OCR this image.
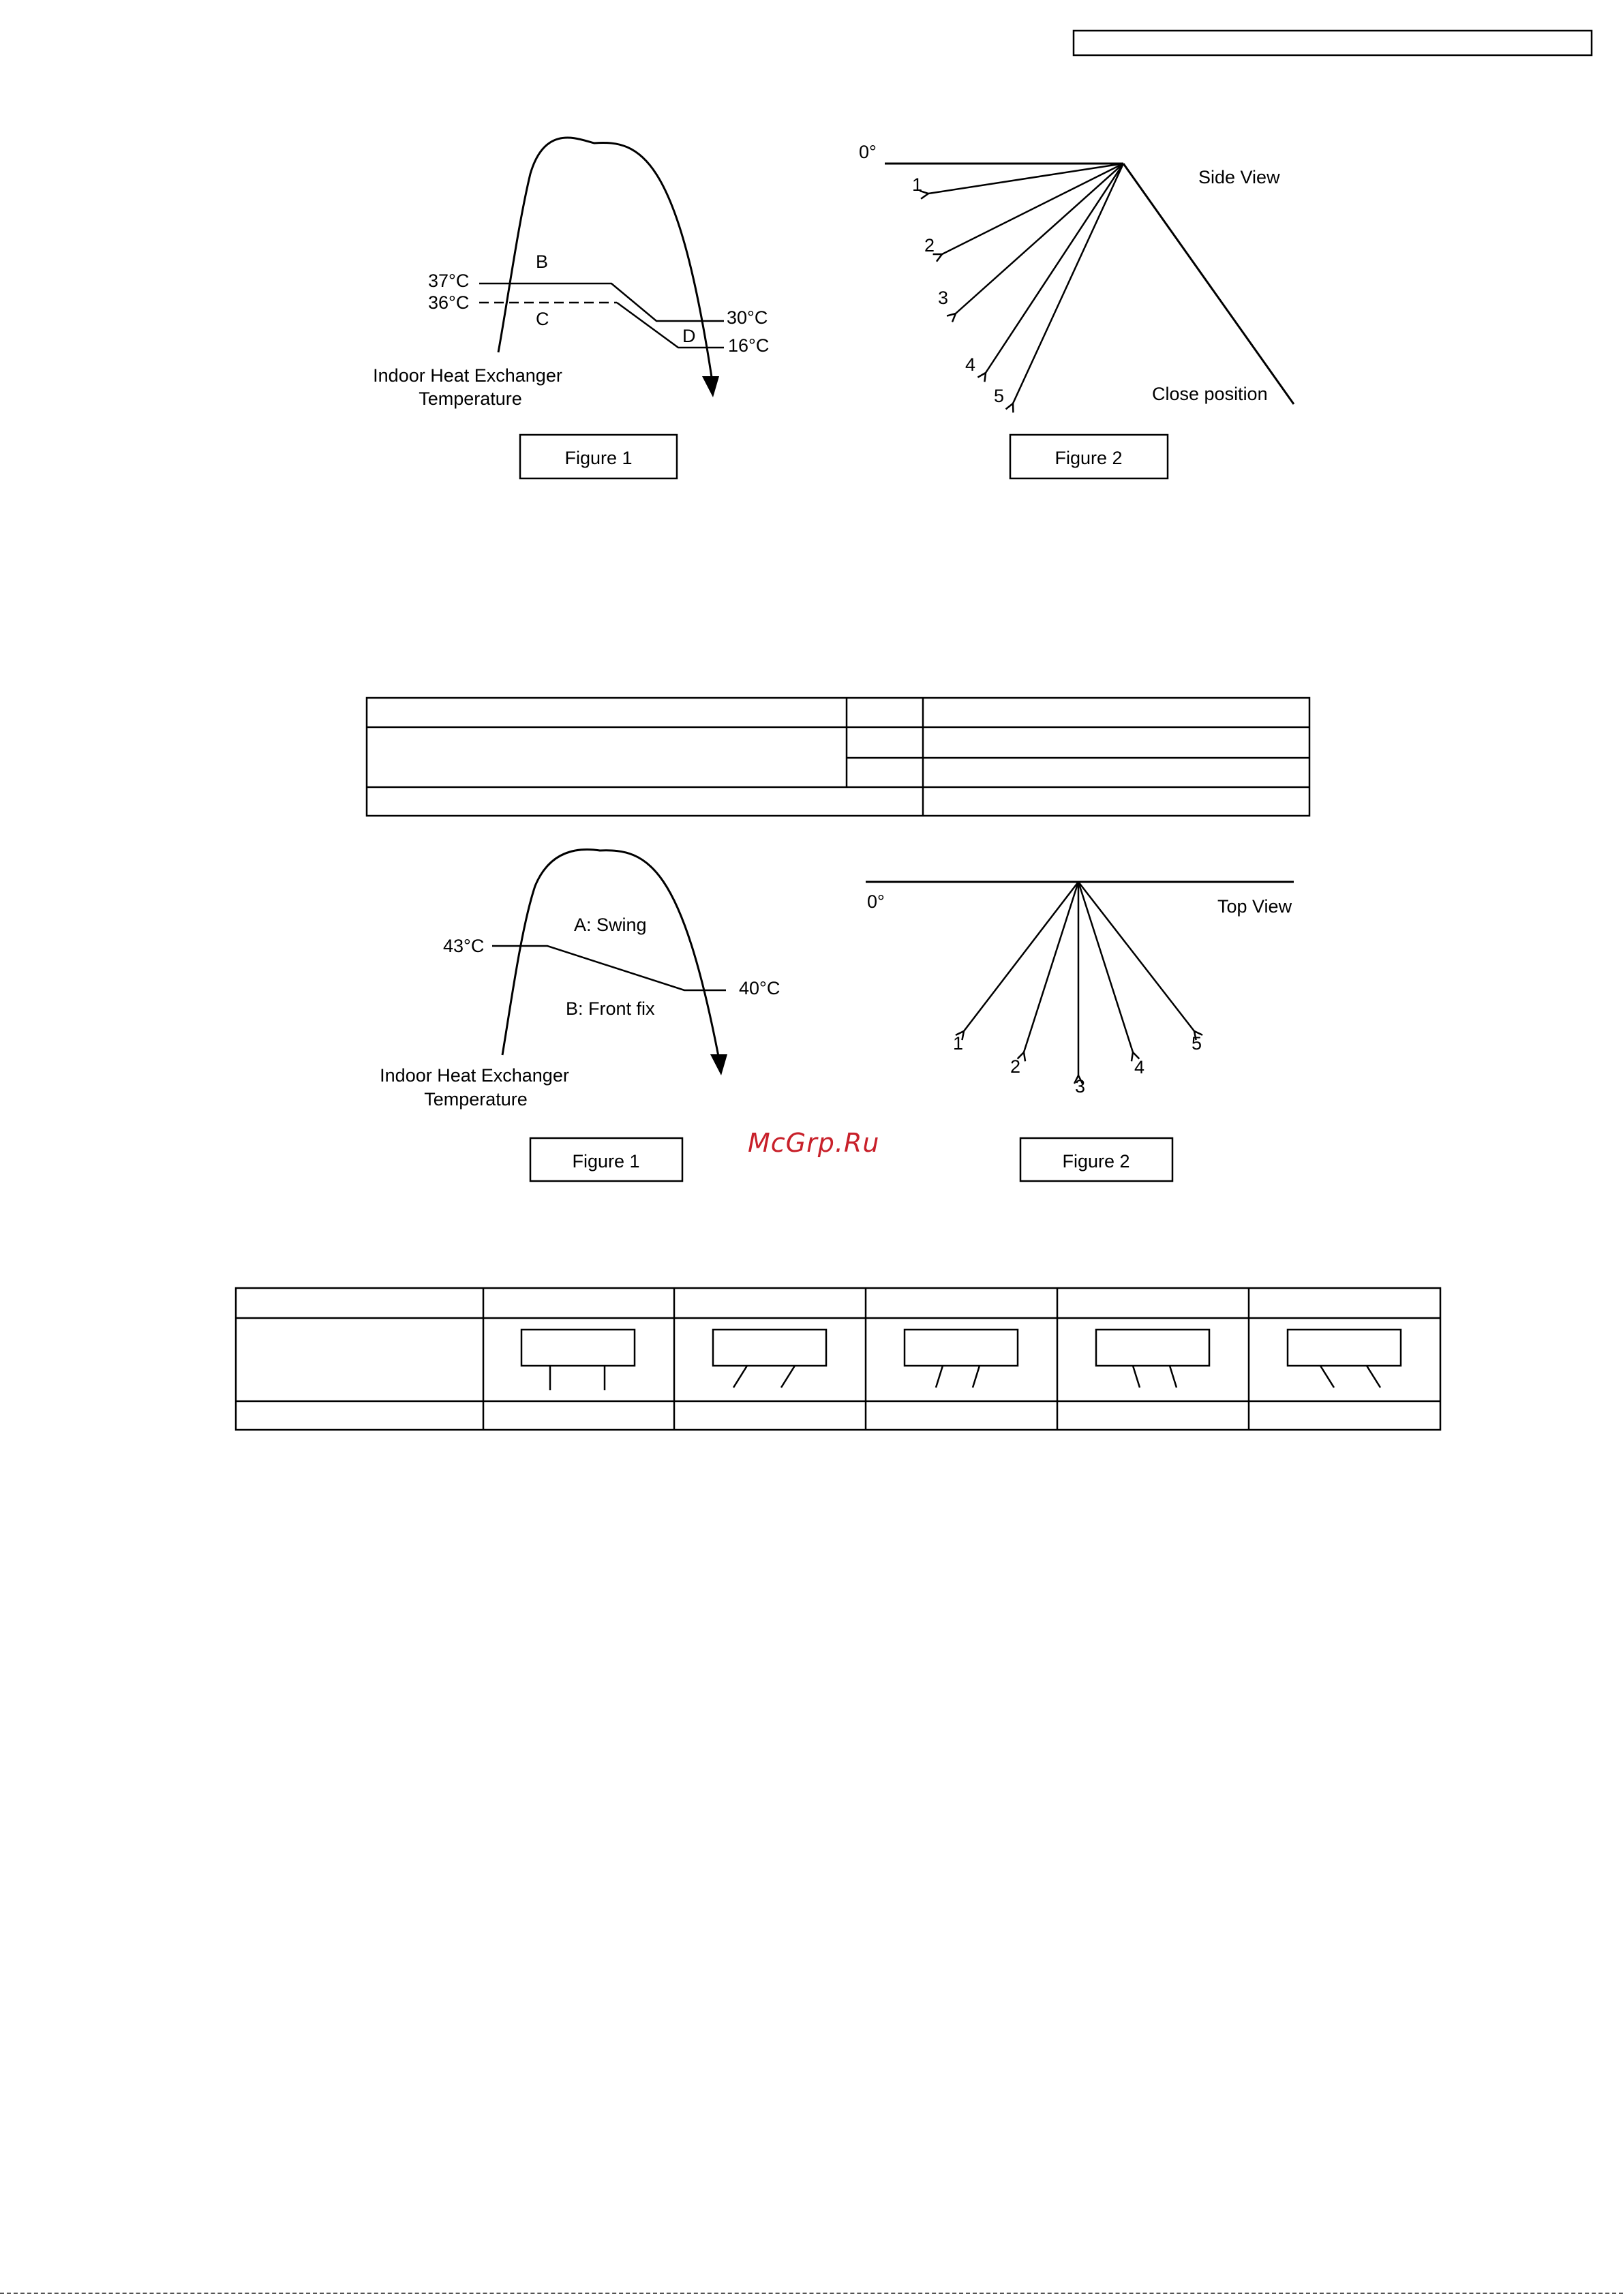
37°C
36°C
30°C
16°C
B
C
D
Indoor Heat Exchanger
Temperature
Figure 1
0°
Side View
Close position
1
2
3
4
5
Figure 2
43°C
40°C
A: Swing
B: Front fix
Indoor Heat Exchanger
Temperature
Figure 1
0°	Top View
1
2
3
4
5
Figure 2
McGrp.Ru
